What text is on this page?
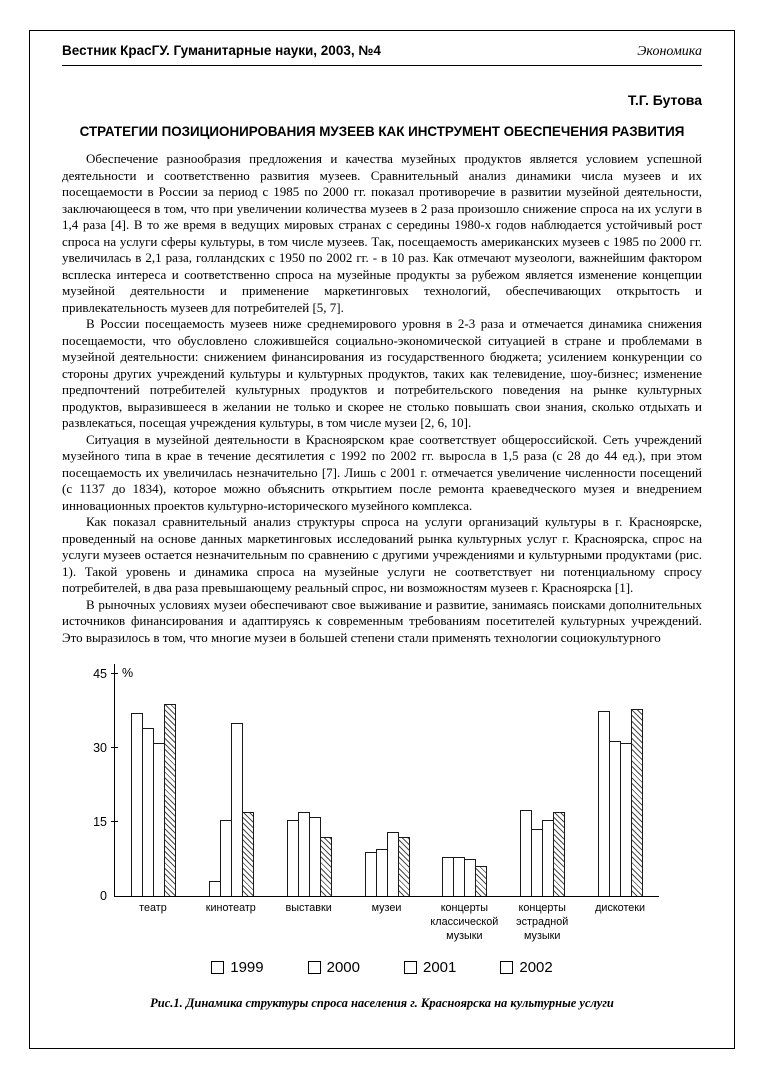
Вестник КрасГУ. Гуманитарные науки, 2003, №4	Экономика
Т.Г. Бутова
СТРАТЕГИИ ПОЗИЦИОНИРОВАНИЯ МУЗЕЕВ КАК ИНСТРУМЕНТ ОБЕСПЕЧЕНИЯ РАЗВИТИЯ

Обеспечение разнообразия предложения и качества музейных продуктов является условием успешной деятельности и соответственно развития музеев. Сравнительный анализ динамики числа музеев и их посещаемости в России за период с 1985 по 2000 гг. показал противоречие в развитии музейной деятельности, заключающееся в том, что при увеличении количества музеев в 2 раза произошло снижение спроса на их услуги в 1,4 раза [4]. В то же время в ведущих мировых странах с середины 1980-х годов наблюдается устойчивый рост спроса на услуги сферы культуры, в том числе музеев. Так, посещаемость американских музеев с 1985 по 2000 гг. увеличилась в 2,1 раза, голландских с 1950 по 2002 гг. - в 10 раз. Как отмечают музеологи, важнейшим фактором всплеска интереса и соответственно спроса на музейные продукты за рубежом является изменение концепции музейной деятельности и применение маркетинговых технологий, обеспечивающих открытость и привлекательность музеев для потребителей [5, 7].

В России посещаемость музеев ниже среднемирового уровня в 2-3 раза и отмечается динамика снижения посещаемости, что обусловлено сложившейся социально-экономической ситуацией в стране и проблемами в музейной деятельности: снижением финансирования из государственного бюджета; усилением конкуренции со стороны других учреждений культуры и культурных продуктов, таких как телевидение, шоу-бизнес; изменение предпочтений потребителей культурных продуктов и потребительского поведения на рынке культурных продуктов, выразившееся в желании не только и скорее не столько повышать свои знания, сколько отдыхать и развлекаться, посещая учреждения культуры, в том числе музеи [2, 6, 10].

Ситуация в музейной деятельности в Красноярском крае соответствует общероссийской. Сеть учреждений музейного типа в крае в течение десятилетия с 1992 по 2002 гг. выросла в 1,5 раза (с 28 до 44 ед.), при этом посещаемость их увеличилась незначительно [7]. Лишь с 2001 г. отмечается увеличение численности посещений (с 1137 до 1834), которое можно объяснить открытием после ремонта краеведческого музея и внедрением инновационных проектов культурно-исторического музейного комплекса.

Как показал сравнительный анализ структуры спроса на услуги организаций культуры в г. Красноярске, проведенный на основе данных маркетинговых исследований рынка культурных услуг г. Красноярска, спрос на услуги музеев остается незначительным по сравнению с другими учреждениями и культурными продуктами (рис. 1). Такой уровень и динамика спроса на музейные услуги не соответствует ни потенциальному спросу потребителей, в два раза превышающему реальный спрос, ни возможностям музеев г. Красноярска [1].

В рыночных условиях музеи обеспечивают свое выживание и развитие, занимаясь поисками дополнительных источников финансирования и адаптируясь к современным требованиям посетителей культурных учреждений. Это выразилось в том, что многие музеи в большей степени стали применять технологии социокультурного

%
0
15
30
45
театр	кинотеатр	выставки	музеи	концерты классической музыки
концерты эстрадной музыки
дискотеки
1999	2000	2001	2002
Рис.1. Динамика структуры спроса населения г. Красноярска на культурные услуги
